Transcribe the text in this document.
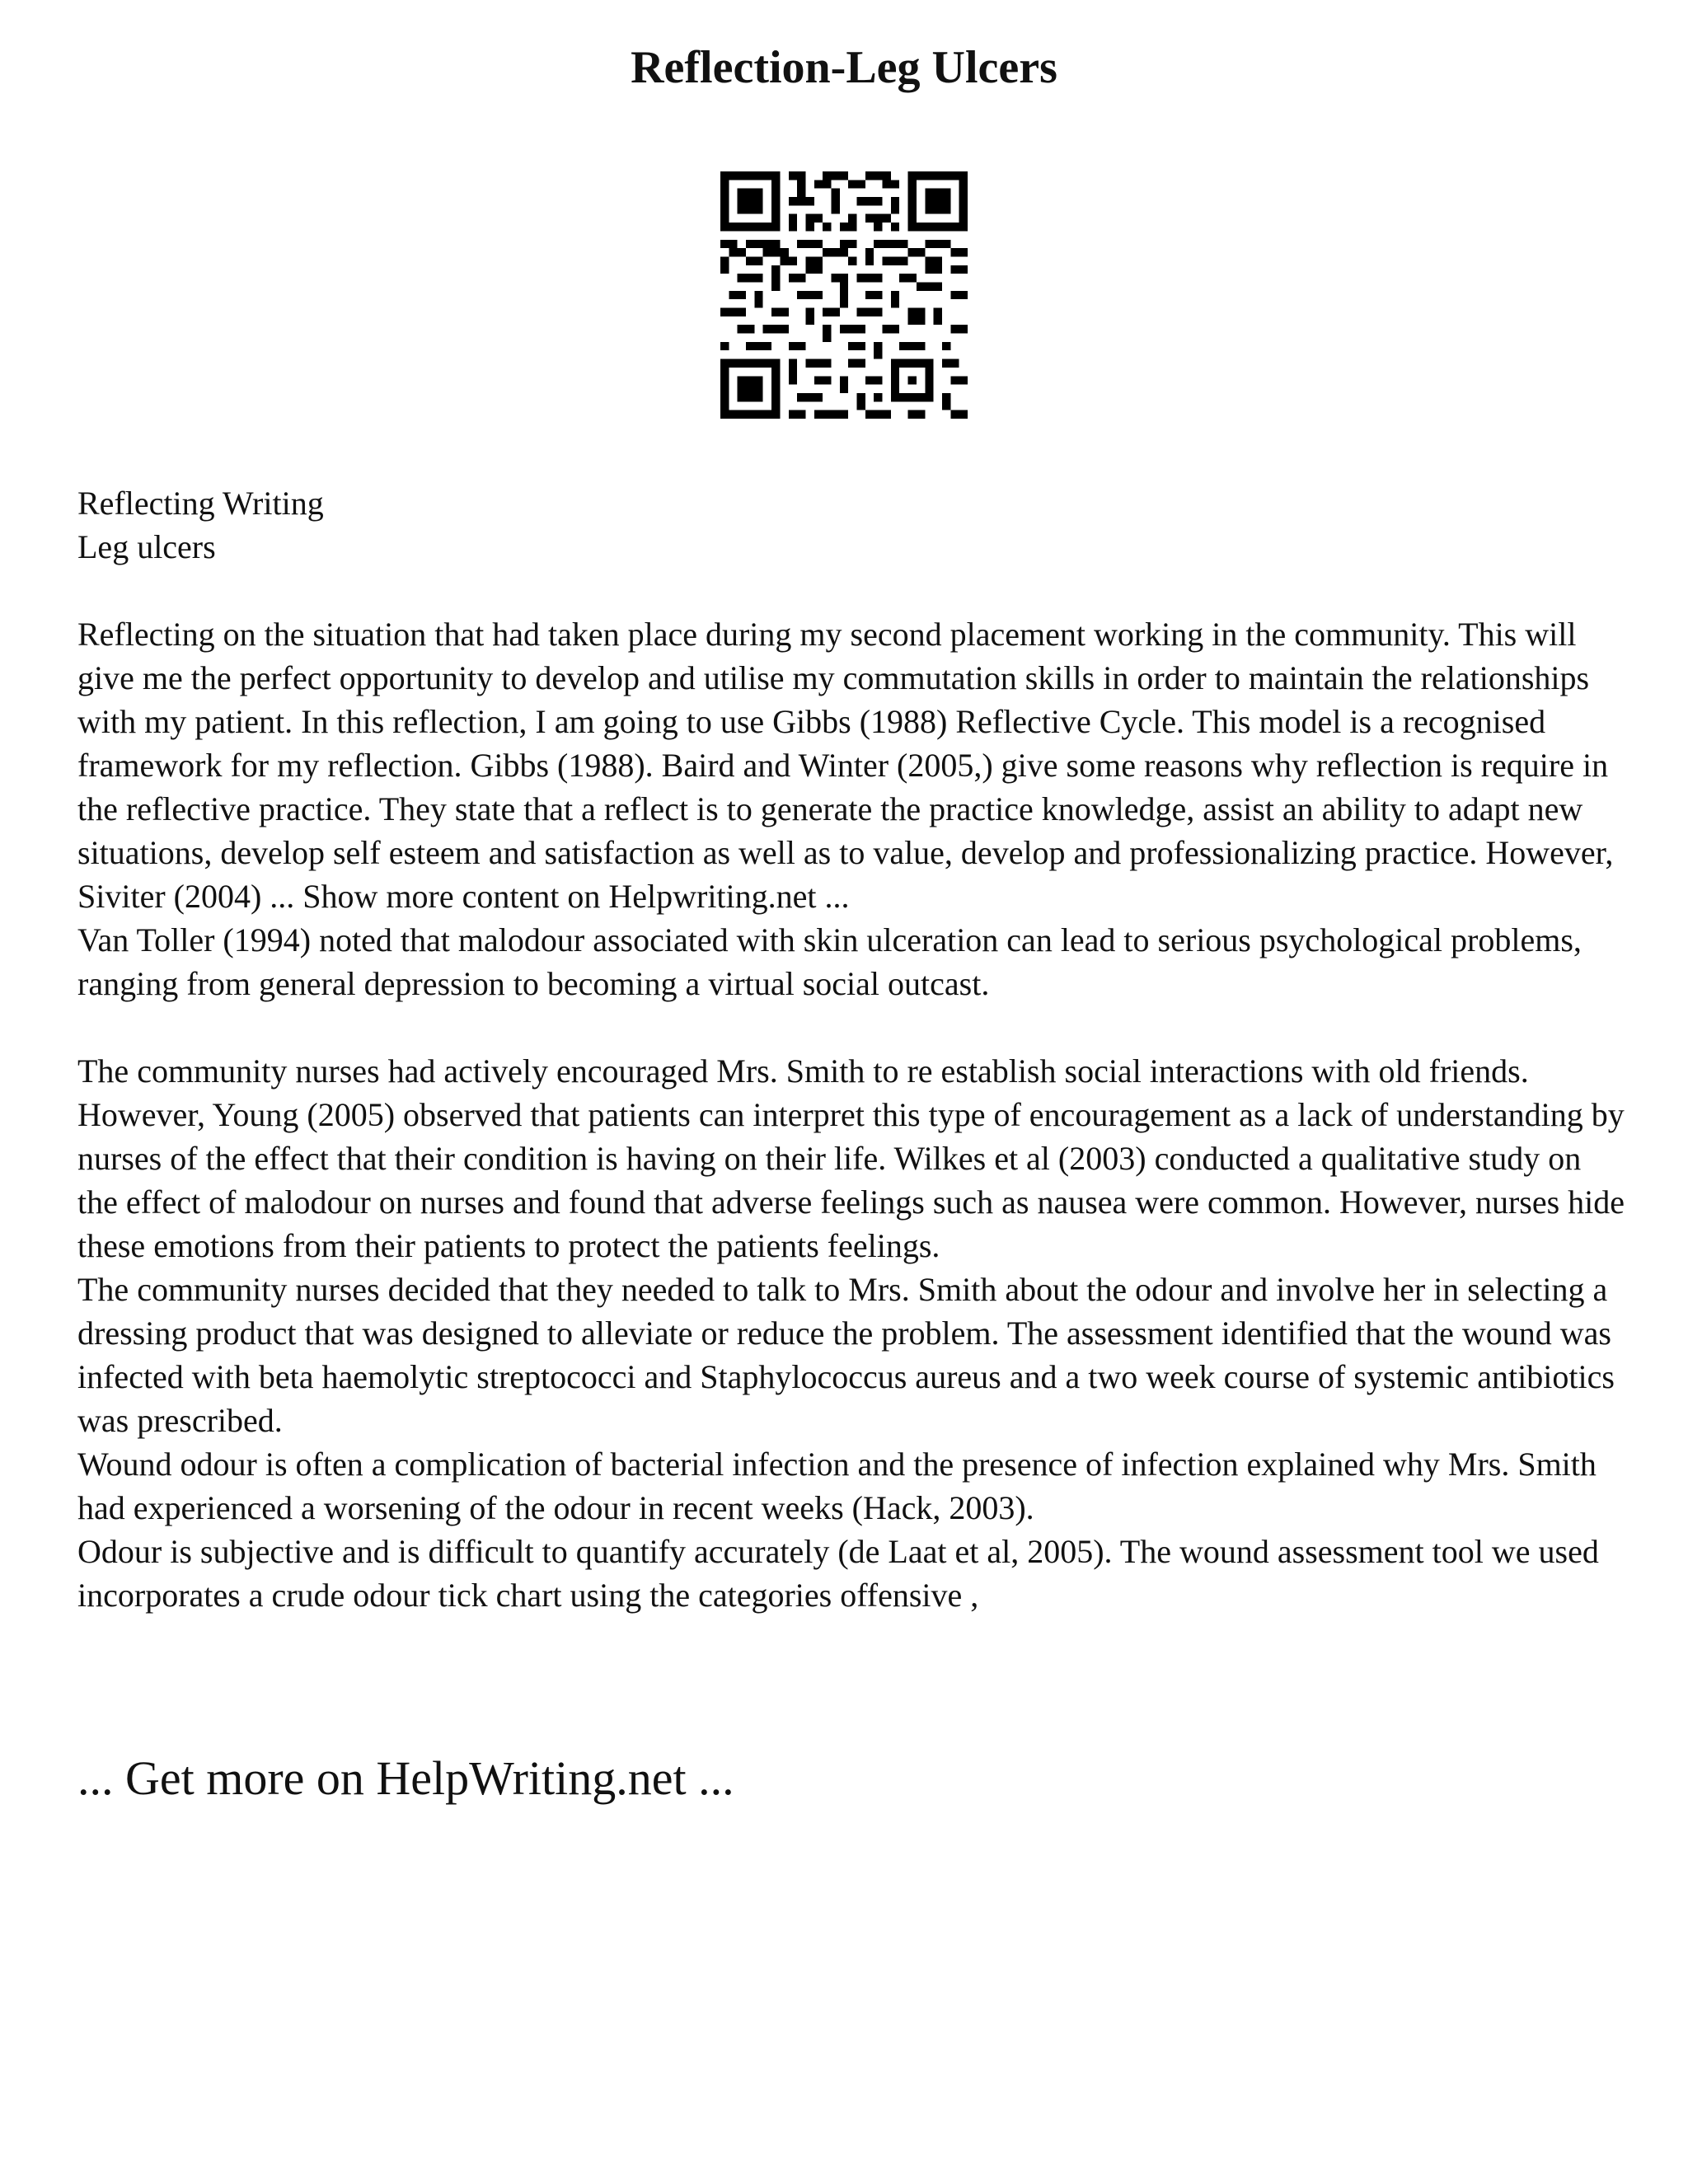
Reflection-Leg Ulcers

Reflecting Writing

Leg ulcers

Reflecting on the situation that had taken place during my second placement working in the community. This will give me the perfect opportunity to develop and utilise my commutation skills in order to maintain the relationships with my patient. In this reflection, I am going to use Gibbs (1988) Reflective Cycle. This model is a recognised framework for my reflection. Gibbs (1988). Baird and Winter (2005,) give some reasons why reflection is require in the reflective practice. They state that a reflect is to generate the practice knowledge, assist an ability to adapt new situations, develop self esteem and satisfaction as well as to value, develop and professionalizing practice. However, Siviter (2004) ... Show more content on Helpwriting.net ...

Van Toller (1994) noted that malodour associated with skin ulceration can lead to serious psychological problems, ranging from general depression to becoming a virtual social outcast.

The community nurses had actively encouraged Mrs. Smith to re establish social interactions with old friends. However, Young (2005) observed that patients can interpret this type of encouragement as a lack of understanding by nurses of the effect that their condition is having on their life. Wilkes et al (2003) conducted a qualitative study on the effect of malodour on nurses and found that adverse feelings such as nausea were common. However, nurses hide these emotions from their patients to protect the patients feelings.

The community nurses decided that they needed to talk to Mrs. Smith about the odour and involve her in selecting a dressing product that was designed to alleviate or reduce the problem. The assessment identified that the wound was infected with beta haemolytic streptococci and Staphylococcus aureus and a two week course of systemic antibiotics was prescribed.

Wound odour is often a complication of bacterial infection and the presence of infection explained why Mrs. Smith had experienced a worsening of the odour in recent weeks (Hack, 2003).

Odour is subjective and is difficult to quantify accurately (de Laat et al, 2005). The wound assessment tool we used incorporates a crude odour tick chart using the categories offensive ,

... Get more on HelpWriting.net ...
